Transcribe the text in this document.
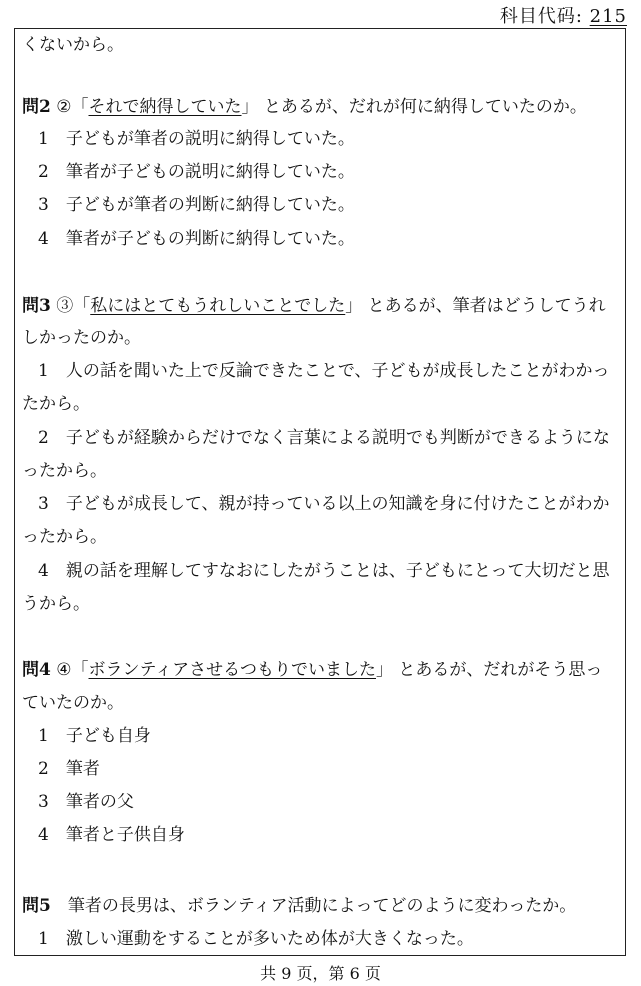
科目代码: 215
くないから。
問2 ②「それで納得していた」 とあるが、だれが何に納得していたのか。
1　 子どもが筆者の説明に納得していた。
2　 筆者が子どもの説明に納得していた。
3　 子どもが筆者の判断に納得していた。
4　 筆者が子どもの判断に納得していた。
問3 ③「私にはとてもうれしいことでした」 とあるが、筆者はどうしてうれ
しかったのか。
1　 人の話を聞いた上で反論できたことで、子どもが成長したことがわかっ
たから。
2　 子どもが経験からだけでなく言葉による説明でも判断ができるようにな
ったから。
3　 子どもが成長して、親が持っている以上の知識を身に付けたことがわか
ったから。
4　 親の話を理解してすなおにしたがうことは、子どもにとって大切だと思
うから。
問4 ④「ボランティアさせるつもりでいました」 とあるが、だれがそう思っ
ていたのか。
1　 子ども自身
2　 筆者
3　 筆者の父
4　 筆者と子供自身
問5　 筆者の長男は、ボランティア活動によってどのように変わったか。
1　 激しい運動をすることが多いため体が大きくなった。
共 9 页，第 6 页
